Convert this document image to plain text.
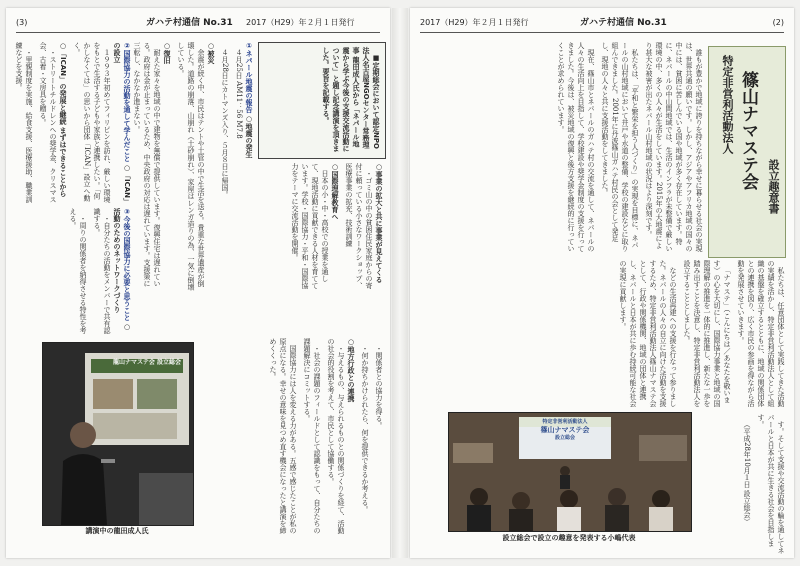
(3)	ガハテ村通信 No.31 2017（H29）年２月１日発行

■定期総会において認定NPO法人名古屋NGOセンター常務理事 龍田成人氏から「ネパール地震から学ぶ今後の支援交流活動について」と題し記念講演を頂きました。要旨を記載する。

①ネパール地震の報告 ○地震の発生

４月25日 AM11：56 M7.8

４月28日にカトマンズ入り、５月８日に帰国。

○被災

余震が続く中、市民はテントや土管の中で生活を送る。貴重な世界遺産が倒壊した。道路の崩落、山崩れ（土砂崩れ）、家屋はレンガ造りの為、一気に倒壊している。

○復旧

耐えた家々を地域の中で建物を無償で提供しています。復興住宅は遅れている。政府は金が止まっているため、中央政府の対応は遅れています。支援策に三転し、なかなか進まない。

③今後の国際協力に必要と思うこと ○活動のためのネットワークづくり

・自分たちの活動をメンバーで共有認識する。

・周りの関係者を納得させる特性を考える。

②国際協力の活動を通して学んだこと ○「ICAN」の設立

１９９３年初めてフィリピンを訪れ、厳しい環境をもとで生活する子どもや家族と連携したい。「何かしなくては」の思いから団体「ICAN」設立へ動く。

○「ICAN」の発展と継続 まずはできることから

・ストリートチルドレンへの奨学金、クリスマス会、古着・文房具を贈る。

・里親制度を実施、給食支援、医療援助、職業訓練などを支援。

○事業の拡大と共に事業が見えてくる

・ゴミ山の中の貧困住民家庭からの寄付に頼っている小さなワークショップ、医療事業の拡充、技術訓練

○国際理解教育へ

日本の小・中・高校での授業を通して、現地活動に貢献できる人材を育てています。学校・国際協力・平和・国際協力をテーマに交流活動を開催。

龍山ナマステ会 設立総会
講演中の龍田成人氏

・関係者との協力を得る。

・何か持ちかけられたら、何を提供できるか考える。

○地方行政との連携

・与えるもの、与えられるものとの関係づくりを経て、活動の社会的役割を考えて、市民として協働する。

・社会の課題のフィールドとして認識をもって、自分たちの課題解決にコミットする。

国際協力には人を変える力がある。五感で感じたことが私の原点になる。幸せの意味を見つめ直す機会になったと講演を締めくくった。

2017（H29）年２月１日発行	ガハテ村通信 No.31	(2)
特定非営利活動法人 篠山ナマステ会 設立趣意書

誰もが豊かで地域に誇りを持ちながら幸せに暮らせる社会の実現は、世界共通の願いです。しかし、アジアやアフリカ地域の国々の中には、貧困に苦しんでいる国や地域が多く存在しています。特に、ネパールの中山間地域では、生活のインフラが未整備で厳しい環境の中、多くの人々が生活をしています。2015年の大地震により甚大な被害が出たネパール山村地域の状況はより深刻です。

私たちは、「平和と繁栄を担う人づくり」の実現を目標に、ネパールの山村地域において井戸や水道の整備、学校の建設などに取り組んできました。2001年に丹波篠山ガハテ村民の会として発足し、現地の人々と共に支援活動をしてきました。

現在、篠山市とネパールのガハテ村の交流を通して、ネパールの人々の生活向上を目指して、学校建設や奨学金制度の支援を行ってきました。今後は、被災地域の復興と後方支援を継続的に行っていくことが求められています。

私たちは、任意団体として実践してきた活動の実績を活かし、特定非営利活動法人として組織の基盤を確立するとともに、地域の関係団体との連携を図り、広く市民の参画を得ながら活動を発展させていきます。

「ナマステ」（こんにちは／あなたを敬います）の心を大切にし、国際協力事業と地域の国際理解の推進を一体的に推進し、新たな一歩を踏み出すことを決意し、特定非営利活動法人を設立することとしました。

などの生活再建への支援を行なって参りました。ネパールの人々の自立に向けた活動を支援するため、特定非営利活動法人篠山ナマステ会として、行政や関係機関、地域の団体と連携し、ネパールと日本が共に歩む持続可能な社会の実現に貢献します。

す。そして支援や交流活動の輪を通してネパールと日本が共に生きる社会を目指します。

（平成28年10月１日 設立総会）

特定非営利活動法人
篠山ナマステ会
設立総会
設立総会で設立の趣意を発表する小嶋代表
